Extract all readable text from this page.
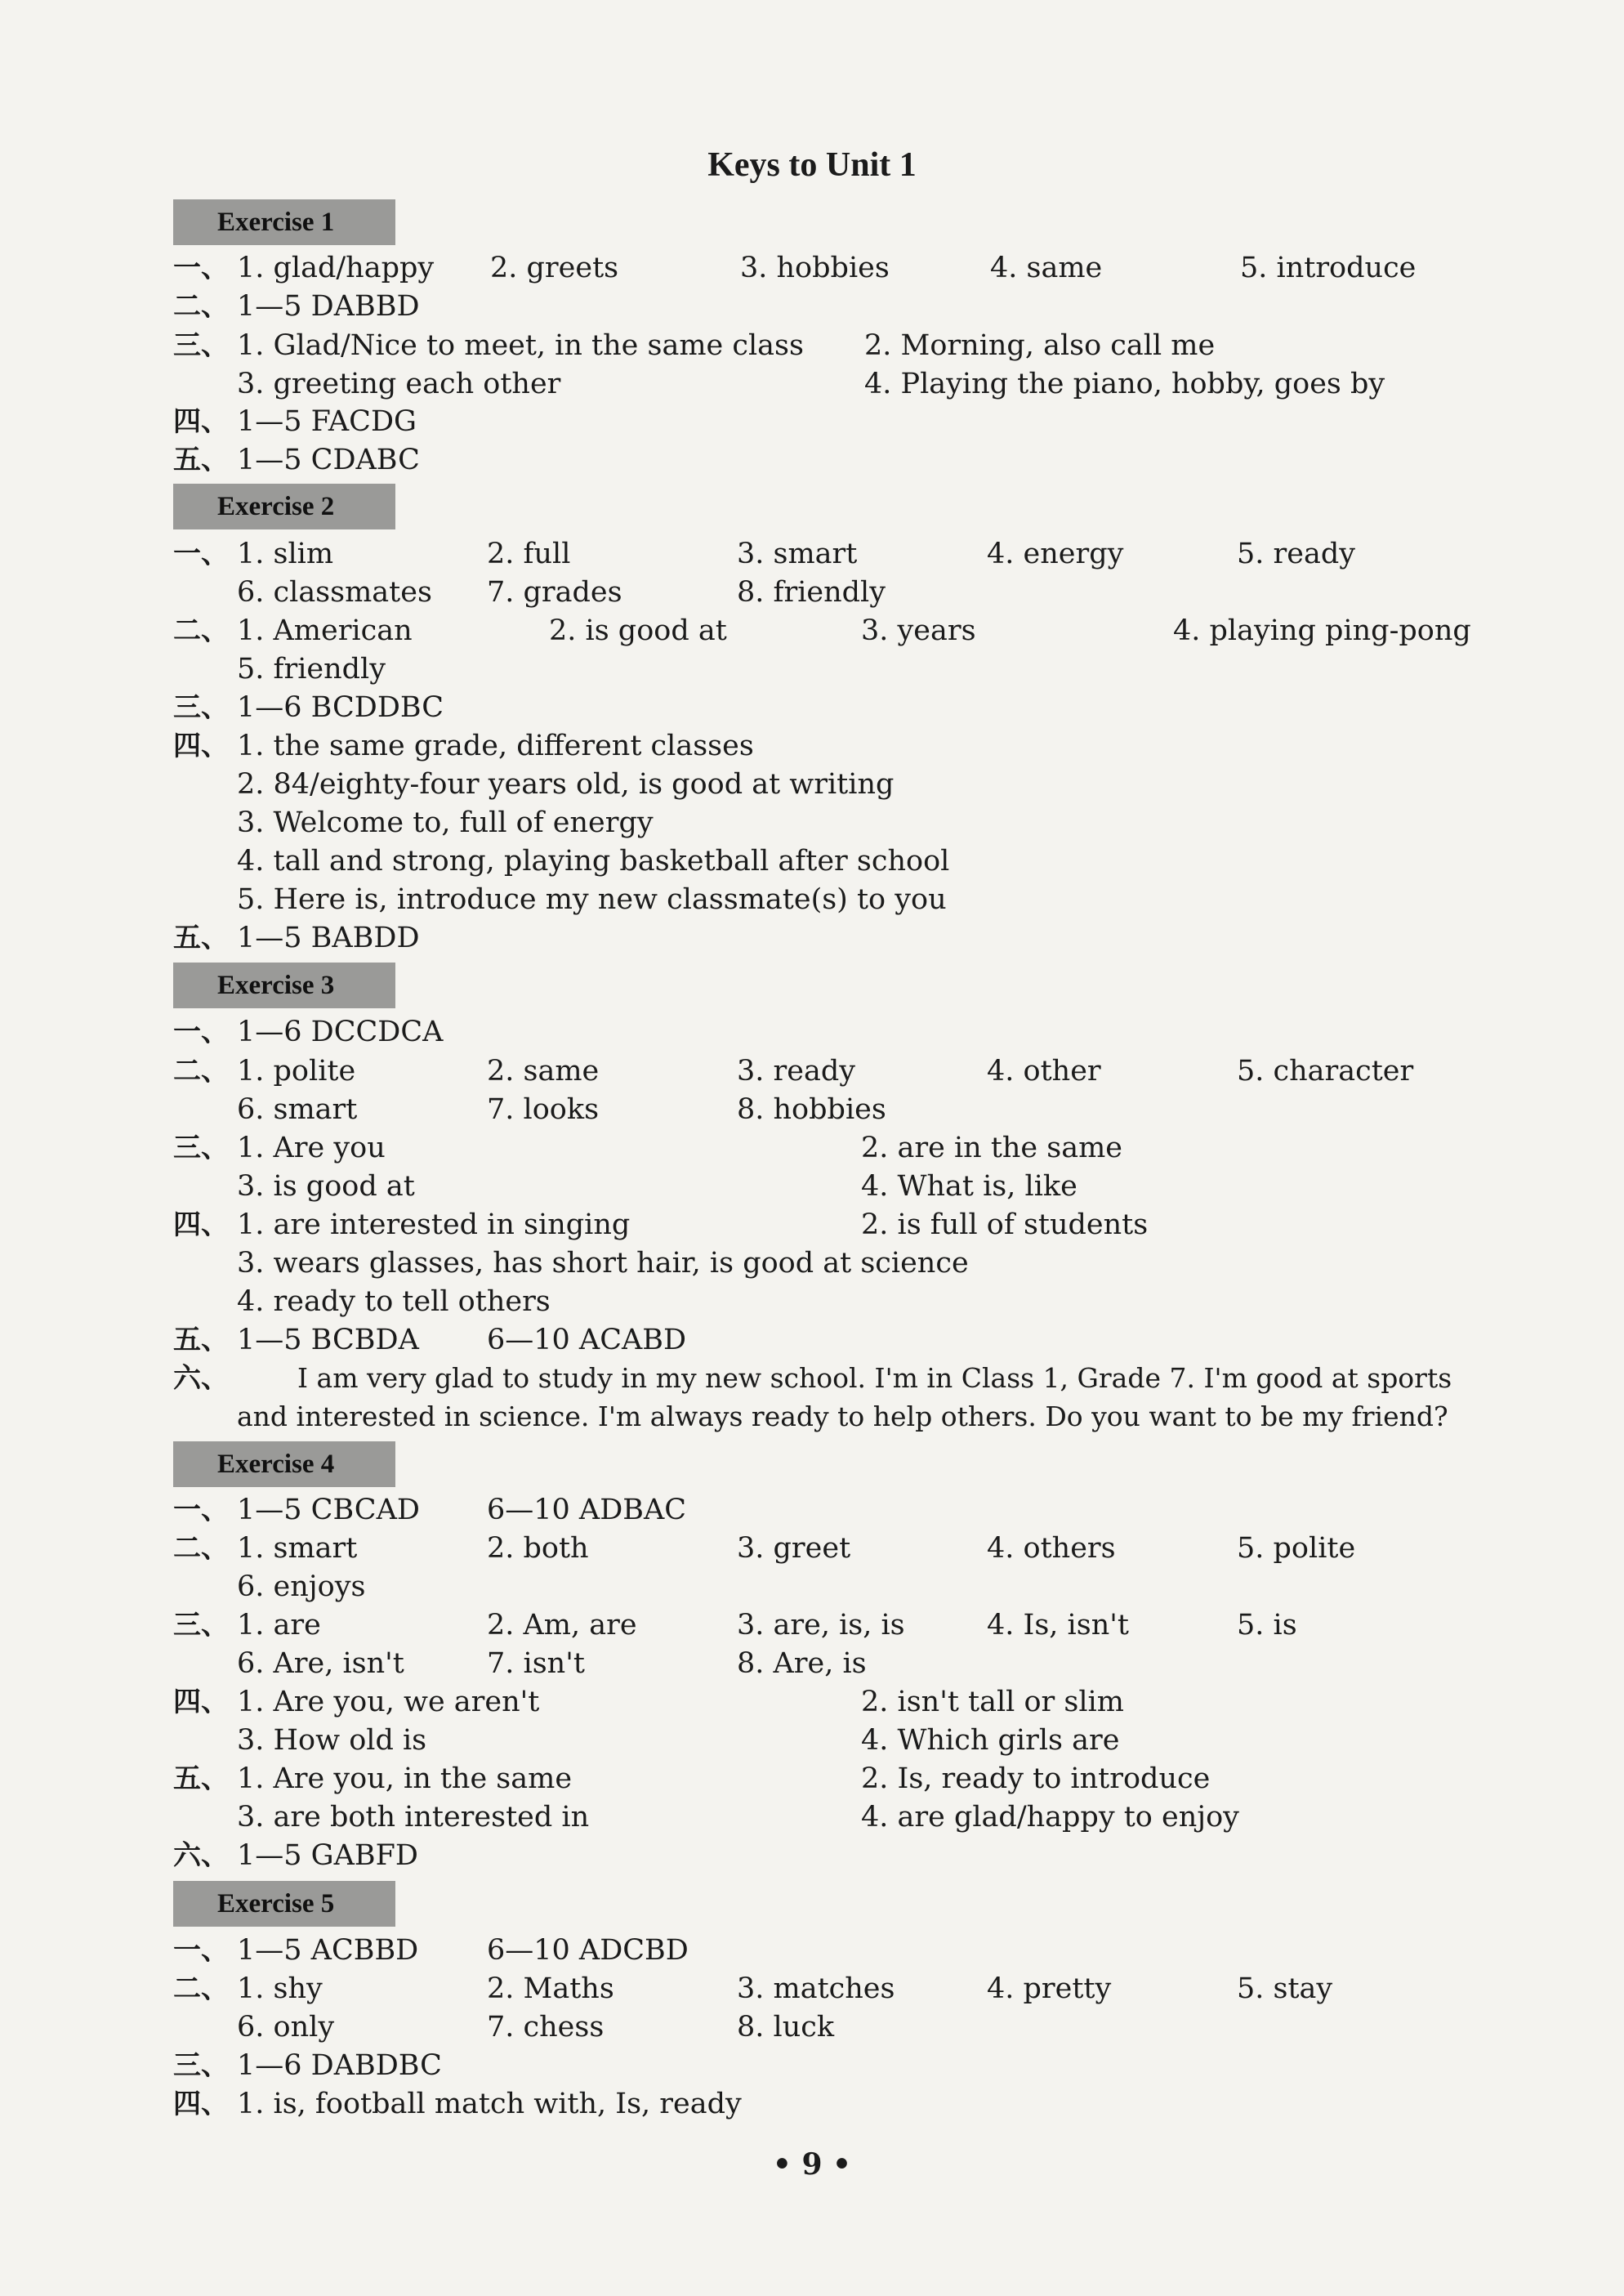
Keys to Unit 1
Exercise 1
一、 1. glad/happy 2. greets	3. hobbies	4. same	5. introduce
二、 1—5 DABBD
三、 1. Glad/Nice to meet, in the same class 2. Morning, also call me
3. greeting each other	4. Playing the piano, hobby, goes by
四、 1—5 FACDG
五、 1—5 CDABC
Exercise 2
一、 1. slim	2. full	3. smart	4. energy	5. ready
6. classmates 7. grades	8. friendly
二、 1. American	2. is good at	3. years	4. playing ping-pong
5. friendly
三、 1—6 BCDDBC
四、 1. the same grade, different classes
2. 84/eighty-four years old, is good at writing
3. Welcome to, full of energy
4. tall and strong, playing basketball after school
5. Here is, introduce my new classmate(s) to you
五、 1—5 BABDD
Exercise 3
一、 1—6 DCCDCA
二、 1. polite	2. same	3. ready	4. other	5. character
6. smart	7. looks	8. hobbies
三、 1. Are you	2. are in the same
3. is good at	4. What is, like
四、 1. are interested in singing	2. is full of students
3. wears glasses, has short hair, is good at science
4. ready to tell others
五、 1—5 BCBDA 6—10 ACABD
六、	I am very glad to study in my new school. I'm in Class 1, Grade 7. I'm good at sports
and interested in science. I'm always ready to help others. Do you want to be my friend?
Exercise 4
一、 1—5 CBCAD 6—10 ADBAC
二、 1. smart	2. both	3. greet	4. others	5. polite
6. enjoys
三、 1. are	2. Am, are	3. are, is, is	4. Is, isn't	5. is
6. Are, isn't	7. isn't	8. Are, is
四、 1. Are you, we aren't	2. isn't tall or slim
3. How old is	4. Which girls are
五、 1. Are you, in the same	2. Is, ready to introduce
3. are both interested in	4. are glad/happy to enjoy
六、 1—5 GABFD
Exercise 5
一、 1—5 ACBBD 6—10 ADCBD
二、 1. shy	2. Maths	3. matches	4. pretty	5. stay
6. only	7. chess	8. luck
三、 1—6 DABDBC
四、 1. is, football match with, Is, ready
• 9 •
